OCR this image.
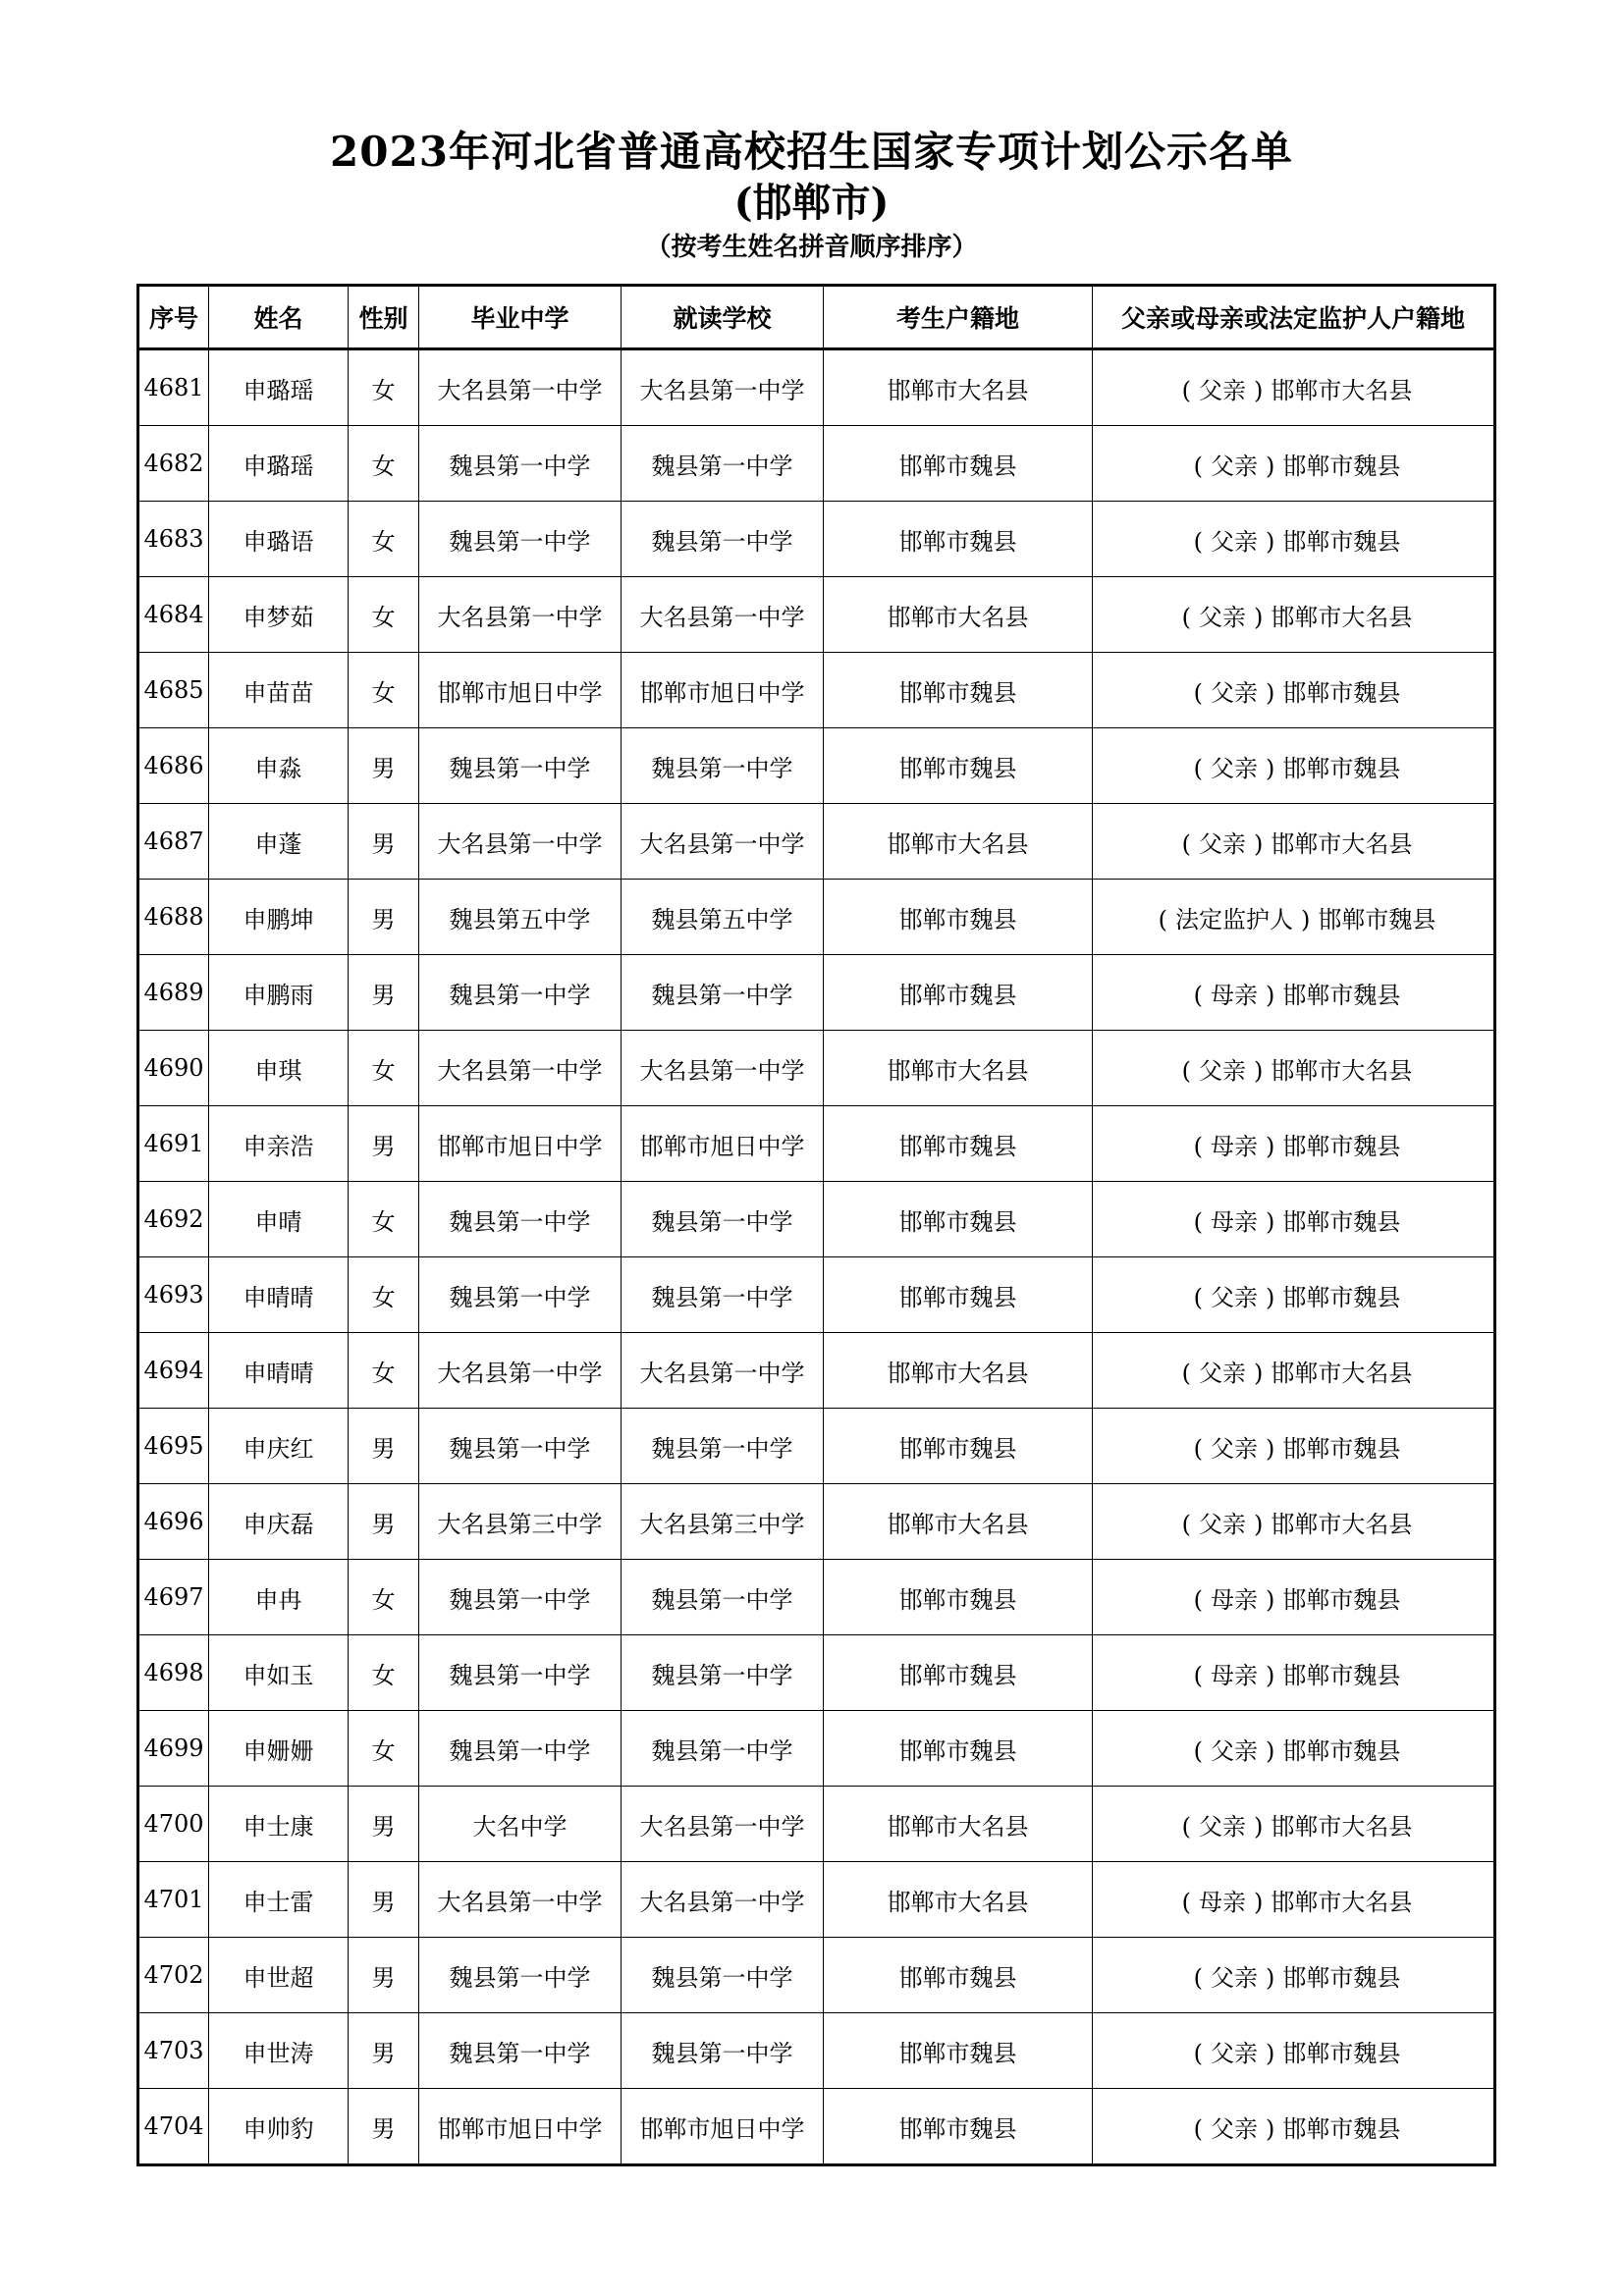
2023年河北省普通高校招生国家专项计划公示名单
(邯郸市)
（按考生姓名拼音顺序排序）
序号	姓名	性别	毕业中学	就读学校	考生户籍地	父亲或母亲或法定监护人户籍地
4681	申璐瑶	女	大名县第一中学	大名县第一中学	邯郸市大名县	( 父亲 ) 邯郸市大名县
4682	申璐瑶	女	魏县第一中学	魏县第一中学	邯郸市魏县	( 父亲 ) 邯郸市魏县
4683	申璐语	女	魏县第一中学	魏县第一中学	邯郸市魏县	( 父亲 ) 邯郸市魏县
4684	申梦茹	女	大名县第一中学	大名县第一中学	邯郸市大名县	( 父亲 ) 邯郸市大名县
4685	申苗苗	女	邯郸市旭日中学	邯郸市旭日中学	邯郸市魏县	( 父亲 ) 邯郸市魏县
4686	申淼	男	魏县第一中学	魏县第一中学	邯郸市魏县	( 父亲 ) 邯郸市魏县
4687	申蓬	男	大名县第一中学	大名县第一中学	邯郸市大名县	( 父亲 ) 邯郸市大名县
4688	申鹏坤	男	魏县第五中学	魏县第五中学	邯郸市魏县	( 法定监护人 ) 邯郸市魏县
4689	申鹏雨	男	魏县第一中学	魏县第一中学	邯郸市魏县	( 母亲 ) 邯郸市魏县
4690	申琪	女	大名县第一中学	大名县第一中学	邯郸市大名县	( 父亲 ) 邯郸市大名县
4691	申亲浩	男	邯郸市旭日中学	邯郸市旭日中学	邯郸市魏县	( 母亲 ) 邯郸市魏县
4692	申晴	女	魏县第一中学	魏县第一中学	邯郸市魏县	( 母亲 ) 邯郸市魏县
4693	申晴晴	女	魏县第一中学	魏县第一中学	邯郸市魏县	( 父亲 ) 邯郸市魏县
4694	申晴晴	女	大名县第一中学	大名县第一中学	邯郸市大名县	( 父亲 ) 邯郸市大名县
4695	申庆红	男	魏县第一中学	魏县第一中学	邯郸市魏县	( 父亲 ) 邯郸市魏县
4696	申庆磊	男	大名县第三中学	大名县第三中学	邯郸市大名县	( 父亲 ) 邯郸市大名县
4697	申冉	女	魏县第一中学	魏县第一中学	邯郸市魏县	( 母亲 ) 邯郸市魏县
4698	申如玉	女	魏县第一中学	魏县第一中学	邯郸市魏县	( 母亲 ) 邯郸市魏县
4699	申姗姗	女	魏县第一中学	魏县第一中学	邯郸市魏县	( 父亲 ) 邯郸市魏县
4700	申士康	男	大名中学	大名县第一中学	邯郸市大名县	( 父亲 ) 邯郸市大名县
4701	申士雷	男	大名县第一中学	大名县第一中学	邯郸市大名县	( 母亲 ) 邯郸市大名县
4702	申世超	男	魏县第一中学	魏县第一中学	邯郸市魏县	( 父亲 ) 邯郸市魏县
4703	申世涛	男	魏县第一中学	魏县第一中学	邯郸市魏县	( 父亲 ) 邯郸市魏县
4704	申帅豹	男	邯郸市旭日中学	邯郸市旭日中学	邯郸市魏县	( 父亲 ) 邯郸市魏县
